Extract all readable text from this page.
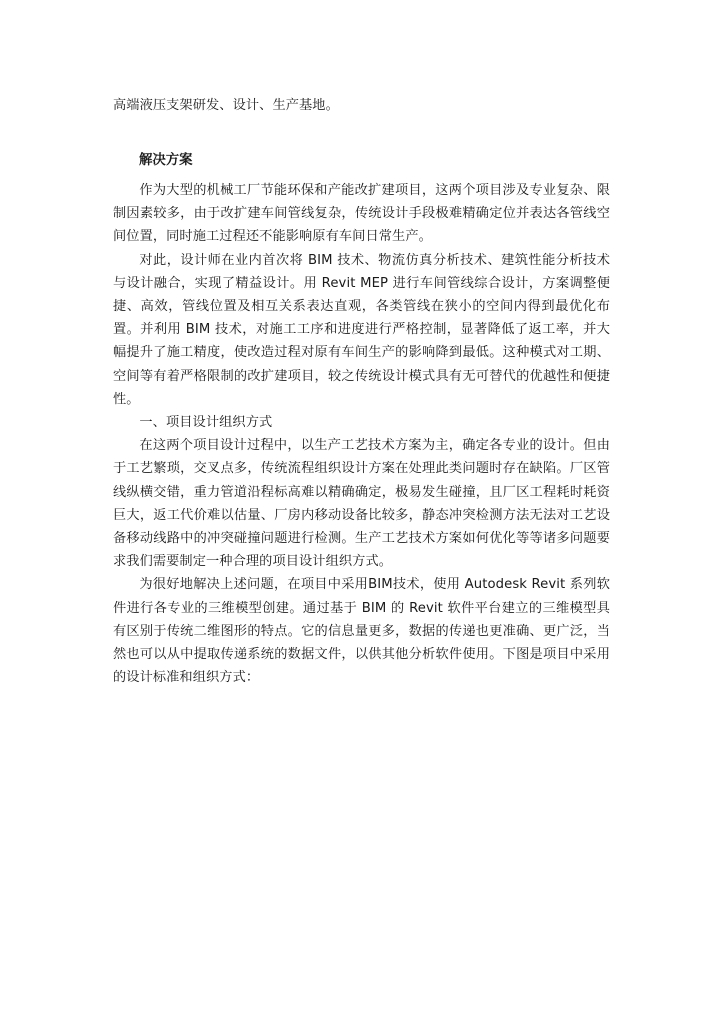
高端液压支架研发、设计、生产基地。

解决方案

作为大型的机械工厂节能环保和产能改扩建项目，这两个项目涉及专业复杂、限制因素较多，由于改扩建车间管线复杂，传统设计手段极难精确定位并表达各管线空间位置，同时施工过程还不能影响原有车间日常生产。

对此，设计师在业内首次将 BIM 技术、物流仿真分析技术、建筑性能分析技术与设计融合，实现了精益设计。用 Revit MEP 进行车间管线综合设计，方案调整便捷、高效，管线位置及相互关系表达直观，各类管线在狭小的空间内得到最优化布置。并利用 BIM 技术，对施工工序和进度进行严格控制，显著降低了返工率，并大幅提升了施工精度，使改造过程对原有车间生产的影响降到最低。这种模式对工期、空间等有着严格限制的改扩建项目，较之传统设计模式具有无可替代的优越性和便捷性。

一、项目设计组织方式

在这两个项目设计过程中，以生产工艺技术方案为主，确定各专业的设计。但由于工艺繁琐，交叉点多，传统流程组织设计方案在处理此类问题时存在缺陷。厂区管线纵横交错，重力管道沿程标高难以精确确定，极易发生碰撞，且厂区工程耗时耗资巨大，返工代价难以估量、厂房内移动设备比较多，静态冲突检测方法无法对工艺设备移动线路中的冲突碰撞问题进行检测。生产工艺技术方案如何优化等等诸多问题要求我们需要制定一种合理的项目设计组织方式。

为很好地解决上述问题，在项目中采用BIM技术，使用 Autodesk Revit 系列软件进行各专业的三维模型创建。通过基于 BIM 的 Revit 软件平台建立的三维模型具有区别于传统二维图形的特点。它的信息量更多，数据的传递也更准确、更广泛，当然也可以从中提取传递系统的数据文件，以供其他分析软件使用。下图是项目中采用的设计标准和组织方式：
